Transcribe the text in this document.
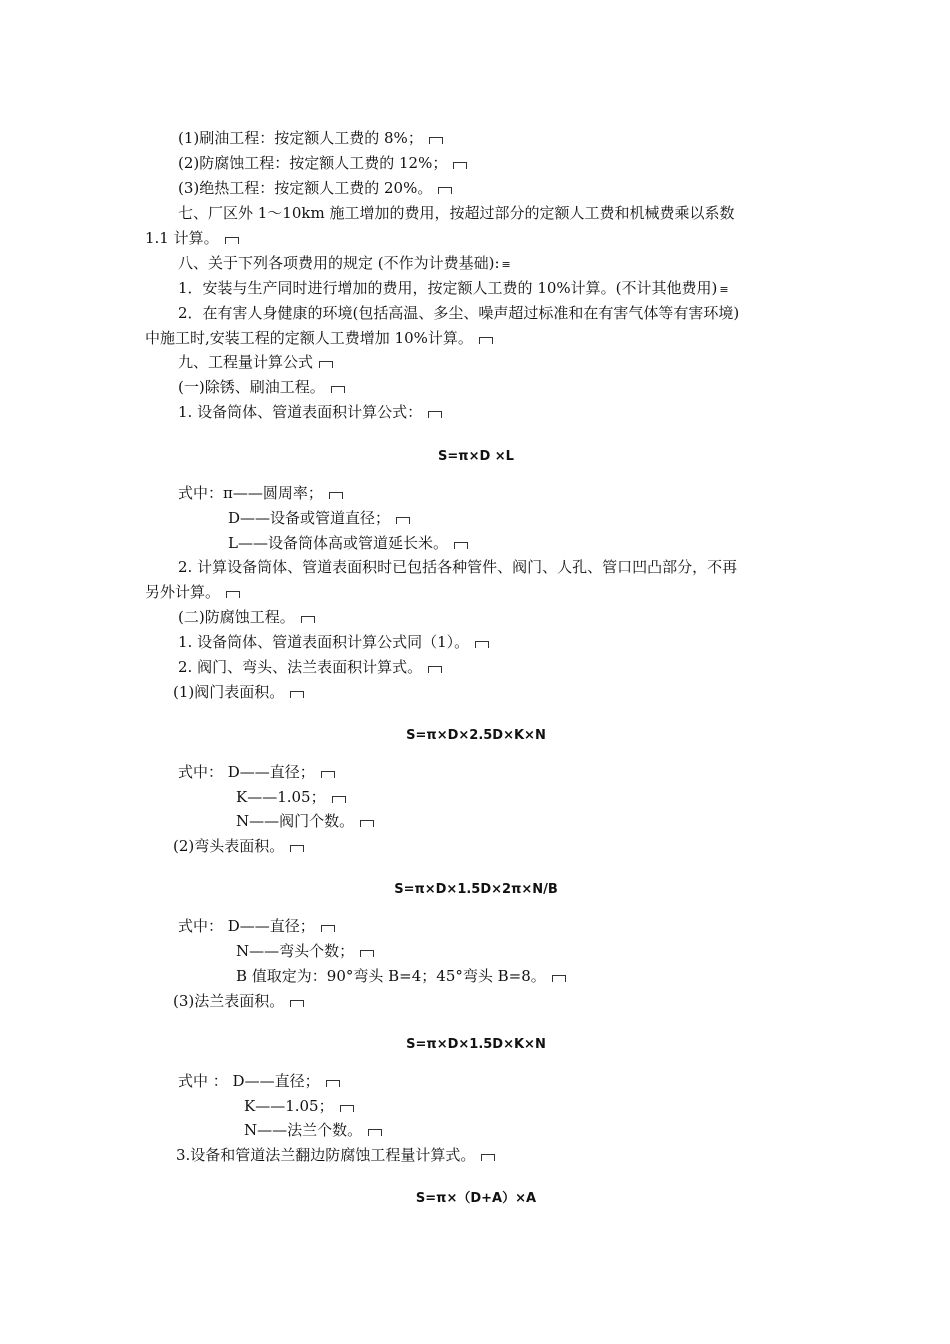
(1)刷油工程：按定额人工费的 8%；
(2)防腐蚀工程：按定额人工费的 12%；
(3)绝热工程：按定额人工费的 20%。
七、厂区外 1～10km 施工增加的费用，按超过部分的定额人工费和机械费乘以系数
1.1 计算。
八、关于下列各项费用的规定 (不作为计费基础): ≡
1．安装与生产同时进行增加的费用，按定额人工费的 10%计算。(不计其他费用) ≡
2．在有害人身健康的环境(包括高温、多尘、噪声超过标准和在有害气体等有害环境)
中施工时,安装工程的定额人工费增加 10%计算。
九、工程量计算公式
(一)除锈、刷油工程。
1. 设备筒体、管道表面积计算公式：
式中：π——圆周率；
D——设备或管道直径；
L——设备筒体高或管道延长米。
2. 计算设备筒体、管道表面积时已包括各种管件、阀门、人孔、管口凹凸部分，不再
另外计算。
(二)防腐蚀工程。
1. 设备筒体、管道表面积计算公式同（1）。
2. 阀门、弯头、法兰表面积计算式。
(1)阀门表面积。
式中： D——直径；
K——1.05；
N——阀门个数。
(2)弯头表面积。
式中： D——直径；
N——弯头个数；
B 值取定为：90°弯头 B=4；45°弯头 B=8。
(3)法兰表面积。
式中 ： D——直径；
K——1.05；
N——法兰个数。
3.设备和管道法兰翻边防腐蚀工程量计算式。
S=π×D ×L
S=π×D×2.5D×K×N
S=π×D×1.5D×2π×N/B
S=π×D×1.5D×K×N
S=π×（D+A）×A
